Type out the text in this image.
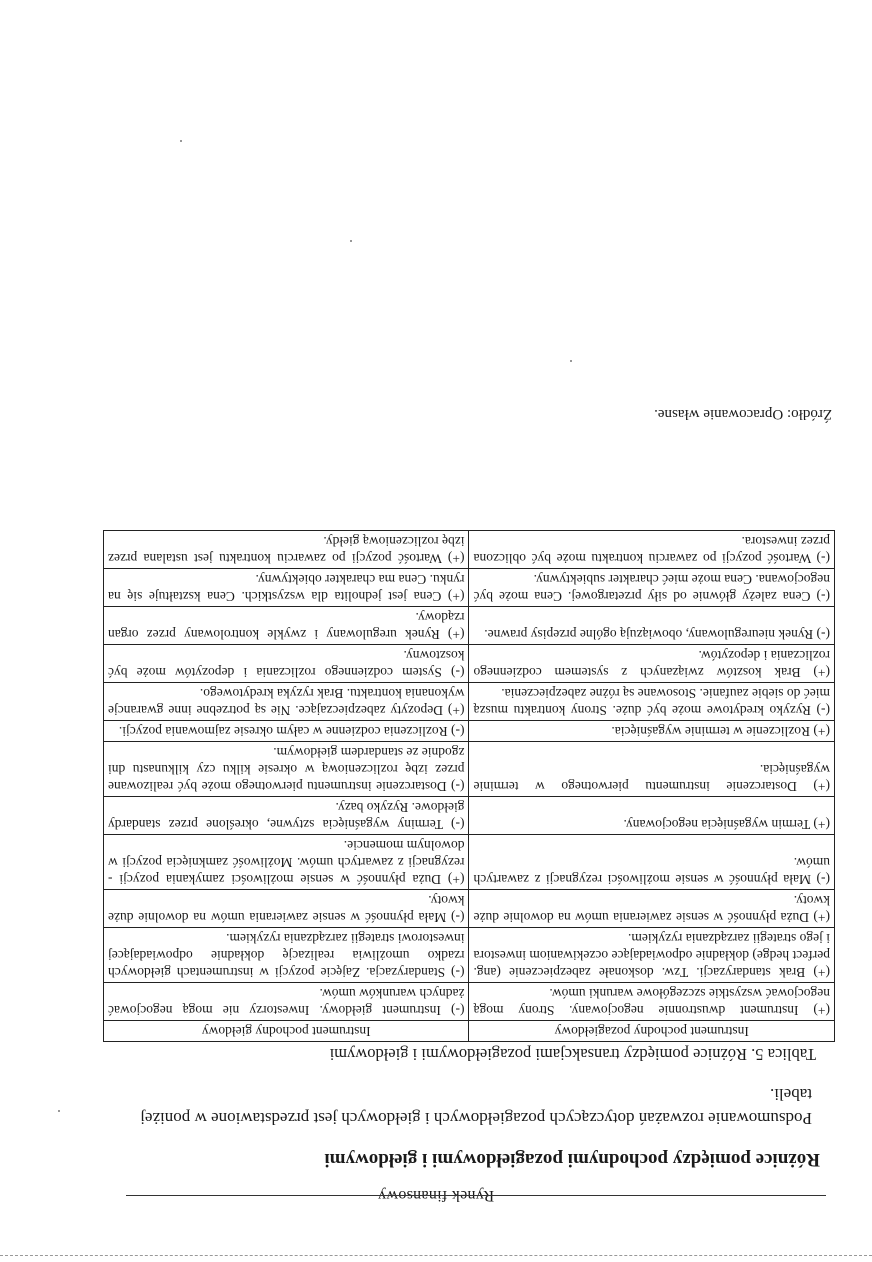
Rynek finansowy
Różnice pomiędzy pochodnymi pozagiełdowymi i giełdowymi
Podsumowanie rozważań dotyczących pozagiełdowych i giełdowych jest przedstawione w poniżej tabeli.
Tablica 5. Różnice pomiędzy transakcjami pozagiełdowymi i giełdowymi
Instrument pochodny pozagiełdowy	Instrument pochodny giełdowy
(+) Instrument dwustronnie negocjowany. Strony mogą negocjować wszystkie szczegółowe warunki umów.	(-) Instrument giełdowy. Inwestorzy nie mogą negocjować żadnych warunków umów.
(+) Brak standaryzacji. Tzw. doskonałe zabezpieczenie (ang. perfect hedge) dokładnie odpowiadające oczekiwaniom inwestora i jego strategii zarządzania ryzykiem.	(-) Standaryzacja. Zajęcie pozycji w instrumentach giełdowych rzadko umożliwia realizację dokładnie odpowiadającej inwestorowi strategii zarządzania ryzykiem.
(+) Duża płynność w sensie zawierania umów na dowolnie duże kwoty.	(-) Mała płynność w sensie zawierania umów na dowolnie duże kwoty.
(-) Mała płynność w sensie możliwości rezygnacji z zawartych umów.	(+) Duża płynność w sensie możliwości zamykania pozycji - rezygnacji z zawartych umów. Możliwość zamknięcia pozycji w dowolnym momencie.
(+) Termin wygaśnięcia negocjowany.	(-) Terminy wygaśnięcia sztywne, określone przez standardy giełdowe. Ryzyko bazy.
(+) Dostarczenie instrumentu pierwotnego w terminie wygaśnięcia.	(-) Dostarczenie instrumentu pierwotnego może być realizowane przez izbę rozliczeniową w okresie kilku czy kilkunastu dni zgodnie ze standardem giełdowym.
(+) Rozliczenie w terminie wygaśnięcia.	(-) Rozliczenia codzienne w całym okresie zajmowania pozycji.
(-) Ryzyko kredytowe może być duże. Strony kontraktu muszą mieć do siebie zaufanie. Stosowane są różne zabezpieczenia.	(+) Depozyty zabezpieczające. Nie są potrzebne inne gwarancje wykonania kontraktu. Brak ryzyka kredytowego.
(+) Brak kosztów związanych z systemem codziennego rozliczania i depozytów.	(-) System codziennego rozliczania i depozytów może być kosztowny.
(-) Rynek nieuregulowany, obowiązują ogólne przepisy prawne.	(+) Rynek uregulowany i zwykle kontrolowany przez organ rządowy.
(-) Cena zależy głównie od siły przetargowej. Cena może być negocjowana. Cena może mieć charakter subiektywny.	(+) Cena jest jednolita dla wszystkich. Cena kształtuje się na rynku. Cena ma charakter obiektywny.
(-) Wartość pozycji po zawarciu kontraktu może być obliczona przez inwestora.	(+) Wartość pozycji po zawarciu kontraktu jest ustalana przez izbę rozliczeniową giełdy.
Źródło: Opracowanie własne.
